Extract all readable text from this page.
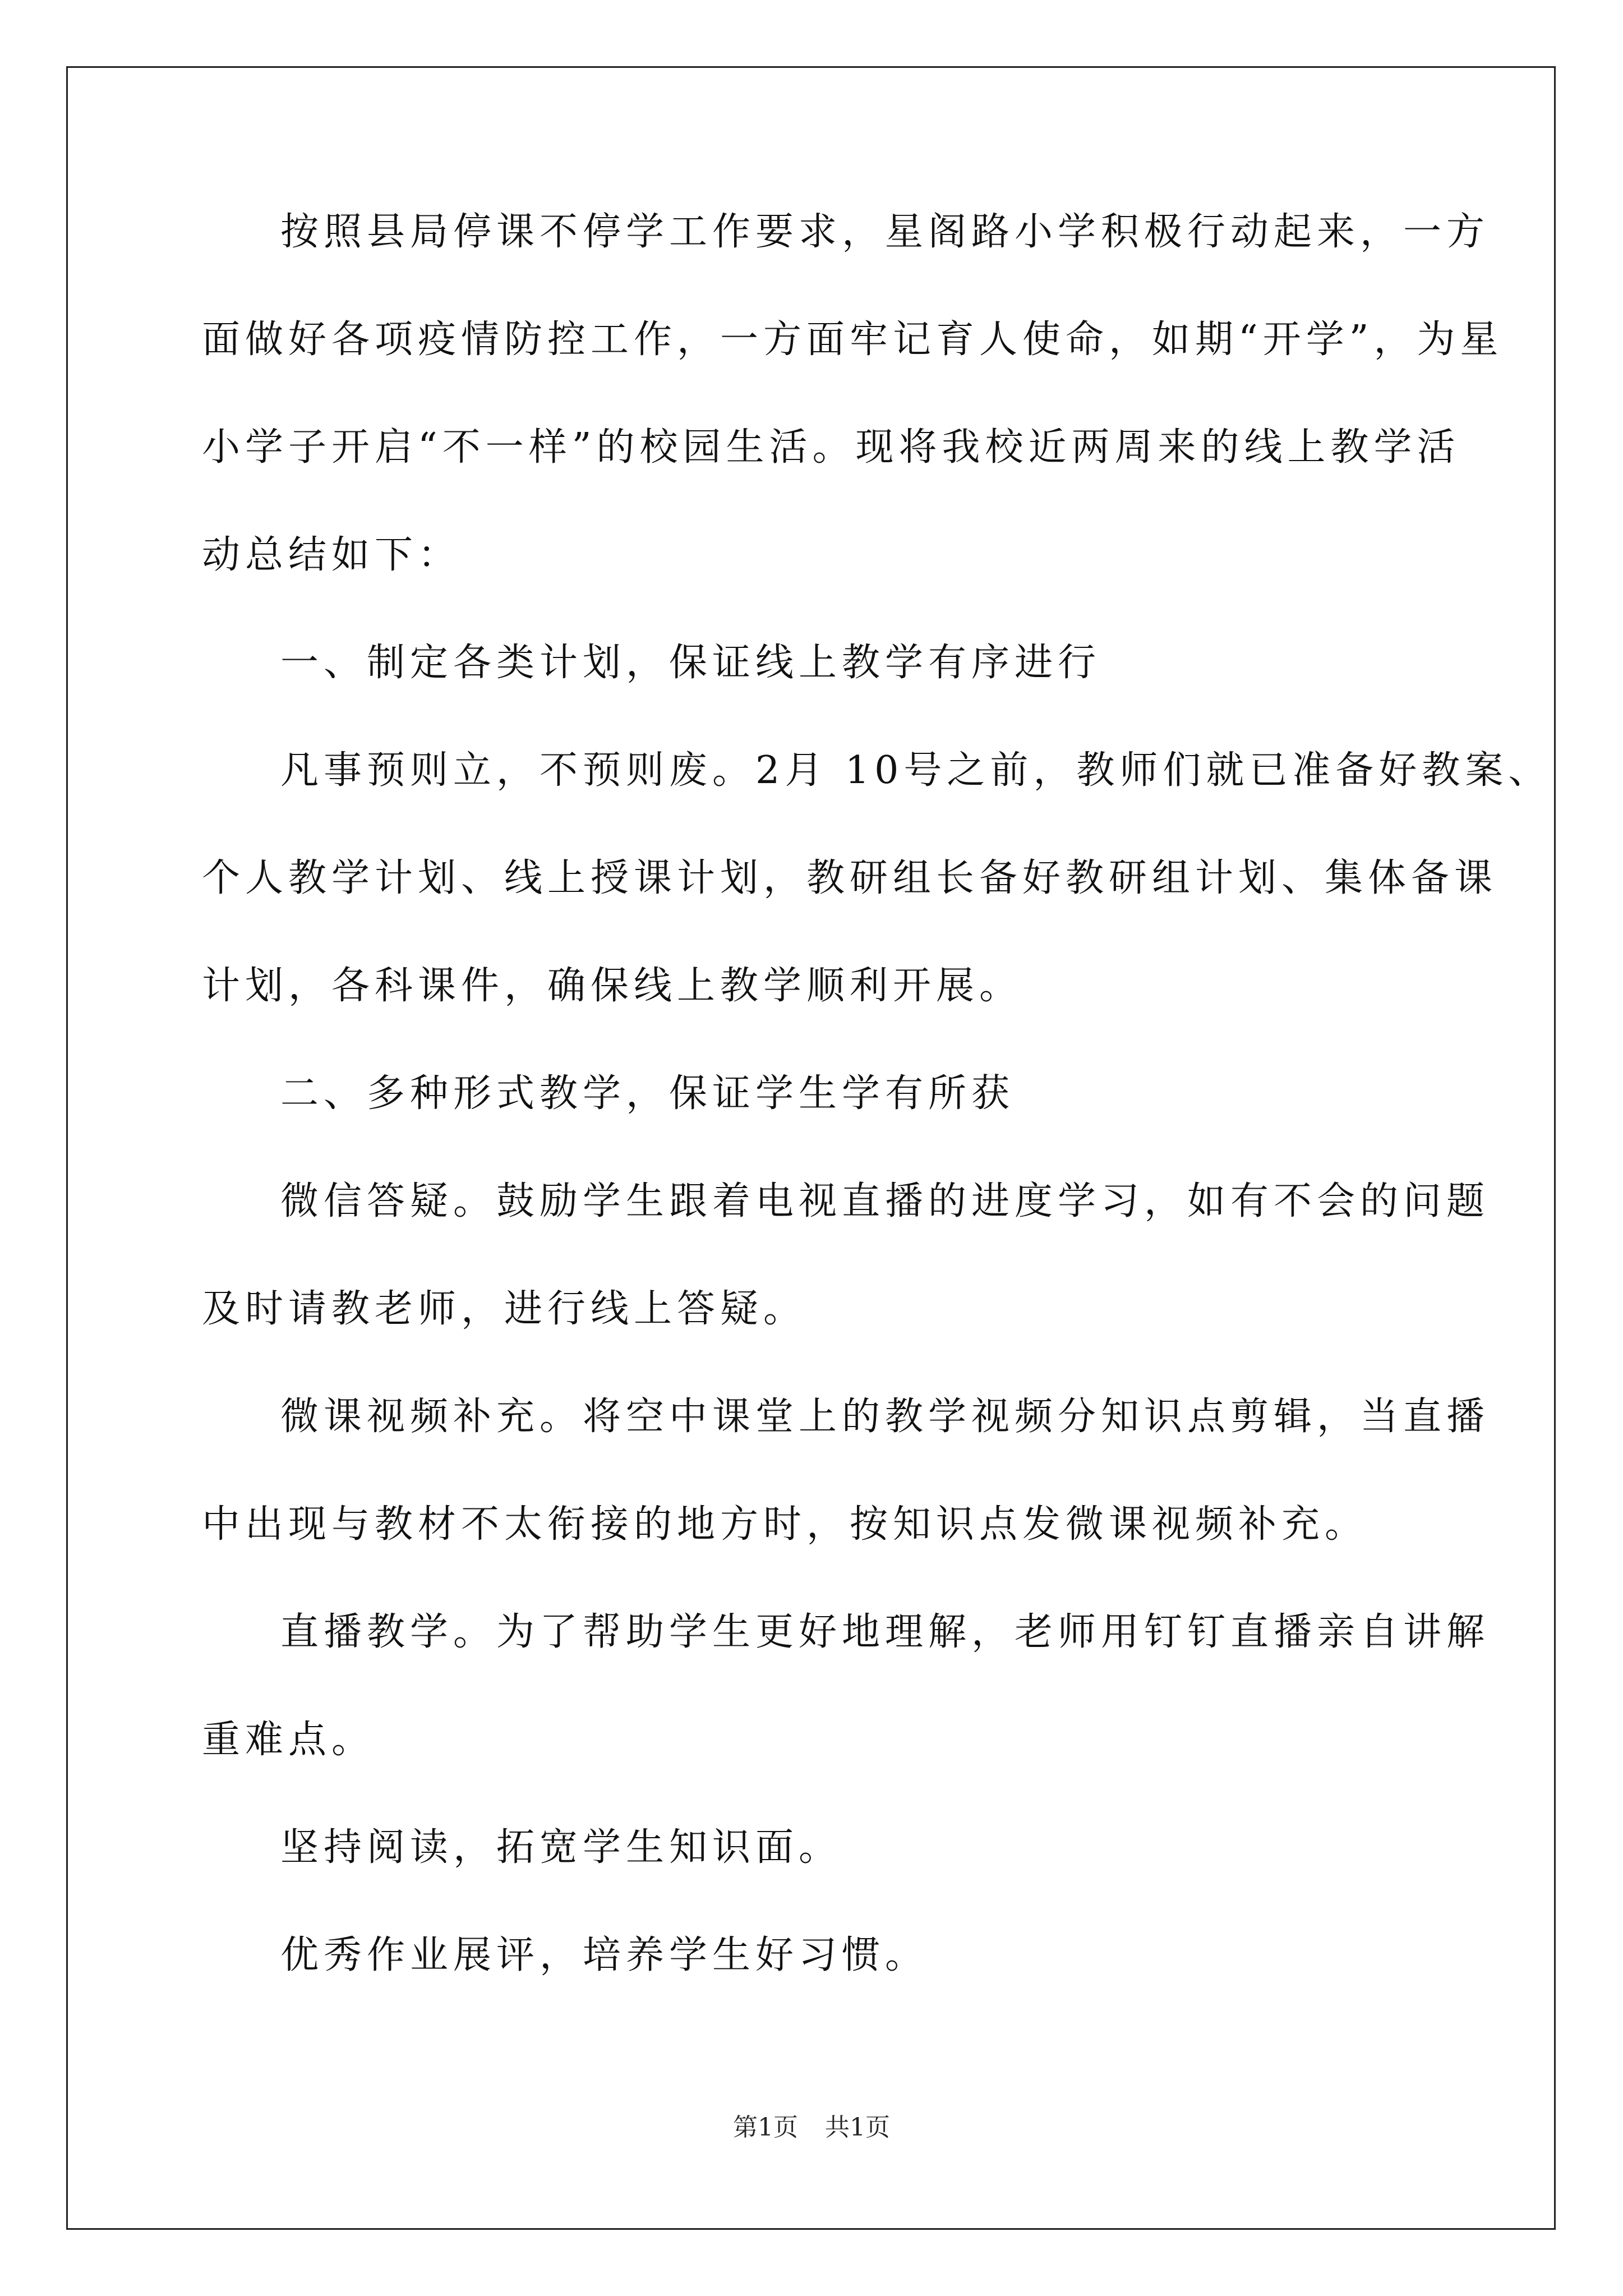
按照县局停课不停学工作要求，星阁路小学积极行动起来，一方
面做好各项疫情防控工作，一方面牢记育人使命，如期“开学”，为星
小学子开启“不一样”的校园生活。现将我校近两周来的线上教学活
动总结如下：
一、制定各类计划，保证线上教学有序进行
凡事预则立，不预则废。2月 10号之前，教师们就已准备好教案、
个人教学计划、线上授课计划，教研组长备好教研组计划、集体备课
计划，各科课件，确保线上教学顺利开展。
二、多种形式教学，保证学生学有所获
微信答疑。鼓励学生跟着电视直播的进度学习，如有不会的问题
及时请教老师，进行线上答疑。
微课视频补充。将空中课堂上的教学视频分知识点剪辑，当直播
中出现与教材不太衔接的地方时，按知识点发微课视频补充。
直播教学。为了帮助学生更好地理解，老师用钉钉直播亲自讲解
重难点。
坚持阅读，拓宽学生知识面。
优秀作业展评，培养学生好习惯。
第1页 共1页
